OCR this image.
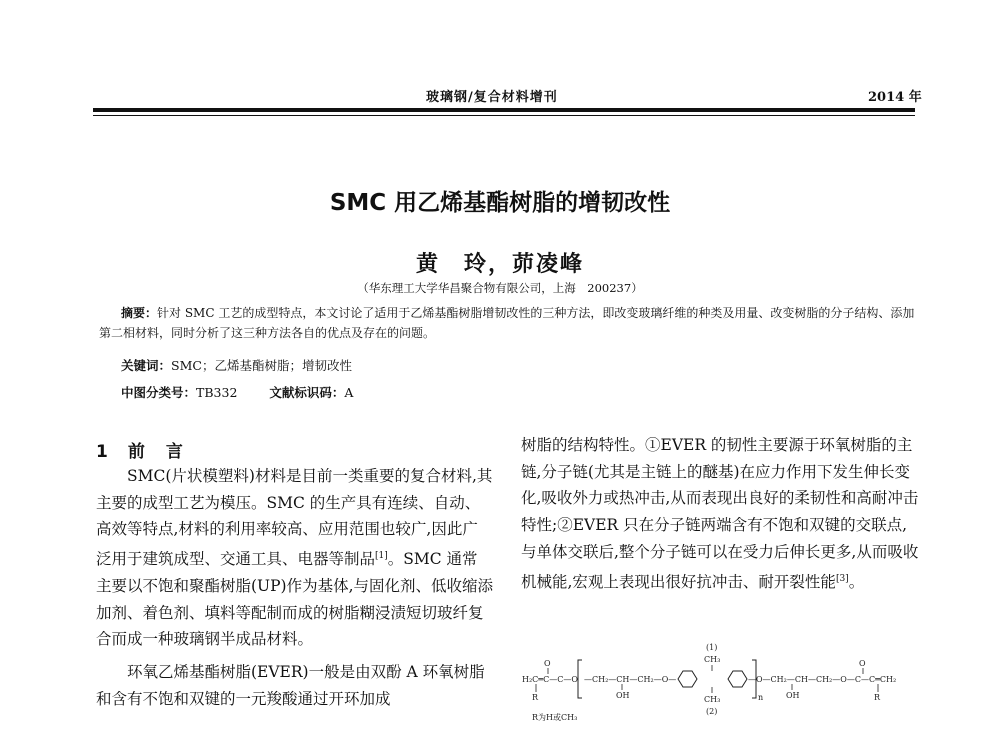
玻璃钢/复合材料增刊	2014 年
SMC 用乙烯基酯树脂的增韧改性
黄　玲，茆凌峰
（华东理工大学华昌聚合物有限公司，上海　200237）
摘要：针对 SMC 工艺的成型特点，本文讨论了适用于乙烯基酯树脂增韧改性的三种方法，即改变玻璃纤维的种类及用量、改变树脂的分子结构、添加第二相材料，同时分析了这三种方法各自的优点及存在的问题。
关键词：SMC；乙烯基酯树脂；增韧改性
中图分类号：TB332	文献标识码：A
1 前　言

SMC(片状模塑料)材料是目前一类重要的复合材料,其主要的成型工艺为模压。SMC 的生产具有连续、自动、高效等特点,材料的利用率较高、应用范围也较广,因此广泛用于建筑成型、交通工具、电器等制品[1]。SMC 通常主要以不饱和聚酯树脂(UP)作为基体,与固化剂、低收缩添加剂、着色剂、填料等配制而成的树脂糊浸渍短切玻纤复合而成一种玻璃钢半成品材料。

环氧乙烯基酯树脂(EVER)一般是由双酚 A 环氧树脂和含有不饱和双键的一元羧酸通过开环加成

树脂的结构特性。①EVER 的韧性主要源于环氧树脂的主链,分子链(尤其是主链上的醚基)在应力作用下发生伸长变化,吸收外力或热冲击,从而表现出良好的柔韧性和高耐冲击特性;②EVER 只在分子链两端含有不饱和双键的交联点,与单体交联后,整个分子链可以在受力后伸长更多,从而吸收机械能,宏观上表现出很好抗冲击、耐开裂性能[3]。

(1)
CH₃
O	O
H₂C═C—C—O —CH₂—CH—CH₂—O—	—O—CH₂—CH—CH₂—O—C—C═CH₂
R	R
OH	OH
CH₃	n
(2)
R为H或CH₃
